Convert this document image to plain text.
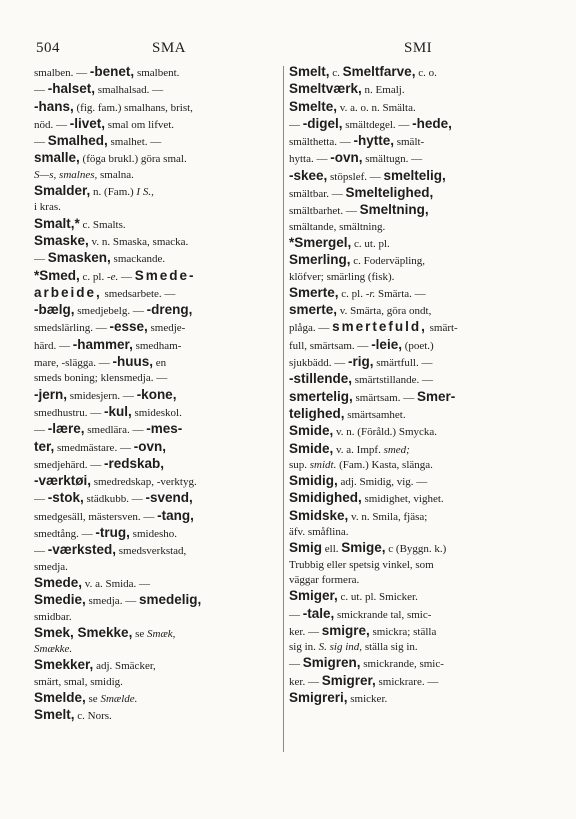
504	SMA	SMI
smalben. — -benet, smalbent.
— -halset, smalhalsad. —
-hans, (fig. fam.) smalhans, brist,
nöd. — -livet, smal om lifvet.
— Smalhed, smalhet. —
smalle, (föga brukl.) göra smal.
S—s, smalnes, smalna.
Smalder, n. (Fam.) I S.,
i kras.
Smalt,* c. Smalts.
Smaske, v. n. Smaska, smacka.
— Smasken, smackande.
*Smed, c. pl. -e. — Smede-
arbeide, smedsarbete. —
-bælg, smedjebelg. — -dreng,
smedslärling. — -esse, smedje-
härd. — -hammer, smedham-
mare, -slägga. — -huus, en
smeds boning; klensmedja. —
-jern, smidesjern. — -kone,
smedhustru. — -kul, smideskol.
— -lære, smedlära. — -mes-
ter, smedmästare. — -ovn,
smedjehärd. — -redskab,
-værktøi, smedredskap, -verktyg.
— -stok, städkubb. — -svend,
smedgesäll, mästersven. — -tang,
smedtång. — -trug, smidesho.
— -værksted, smedsverkstad,
smedja.
Smede, v. a. Smida. —
Smedie, smedja. — smedelig,
smidbar.
Smek, Smekke, se Smæk,
Smække.
Smekker, adj. Smäcker,
smärt, smal, smidig.
Smelde, se Smælde.
Smelt, c. Nors.
Smelt, c. Smeltfarve, c. o.
Smeltværk, n. Emalj.
Smelte, v. a. o. n. Smälta.
— -digel, smältdegel. — -hede,
smälthetta. — -hytte, smält-
hytta. — -ovn, smältugn. —
-skee, stöpslef. — smeltelig,
smältbar. — Smeltelighed,
smältbarhet. — Smeltning,
smältande, smältning.
*Smergel, c. ut. pl.
Smerling, c. Foderväpling,
klöfver; smärling (fisk).
Smerte, c. pl. -r. Smärta. —
smerte, v. Smärta, göra ondt,
plåga. — smertefuld, smärt-
full, smärtsam. — -leie, (poet.)
sjukbädd. — -rig, smärtfull. —
-stillende, smärtstillande. —
smertelig, smärtsam. — Smer-
telighed, smärtsamhet.
Smide, v. n. (Föråld.) Smycka.
Smide, v. a. Impf. smed;
sup. smidt. (Fam.) Kasta, slänga.
Smidig, adj. Smidig, vig. —
Smidighed, smidighet, vighet.
Smidske, v. n. Smila, fjäsa;
äfv. småflina.
Smig ell. Smige, c (Byggn. k.)
Trubbig eller spetsig vinkel, som
väggar formera.
Smiger, c. ut. pl. Smicker.
— -tale, smickrande tal, smic-
ker. — smigre, smickra; ställa
sig in. S. sig ind, ställa sig in.
— Smigren, smickrande, smic-
ker. — Smigrer, smickrare. —
Smigreri, smicker.
